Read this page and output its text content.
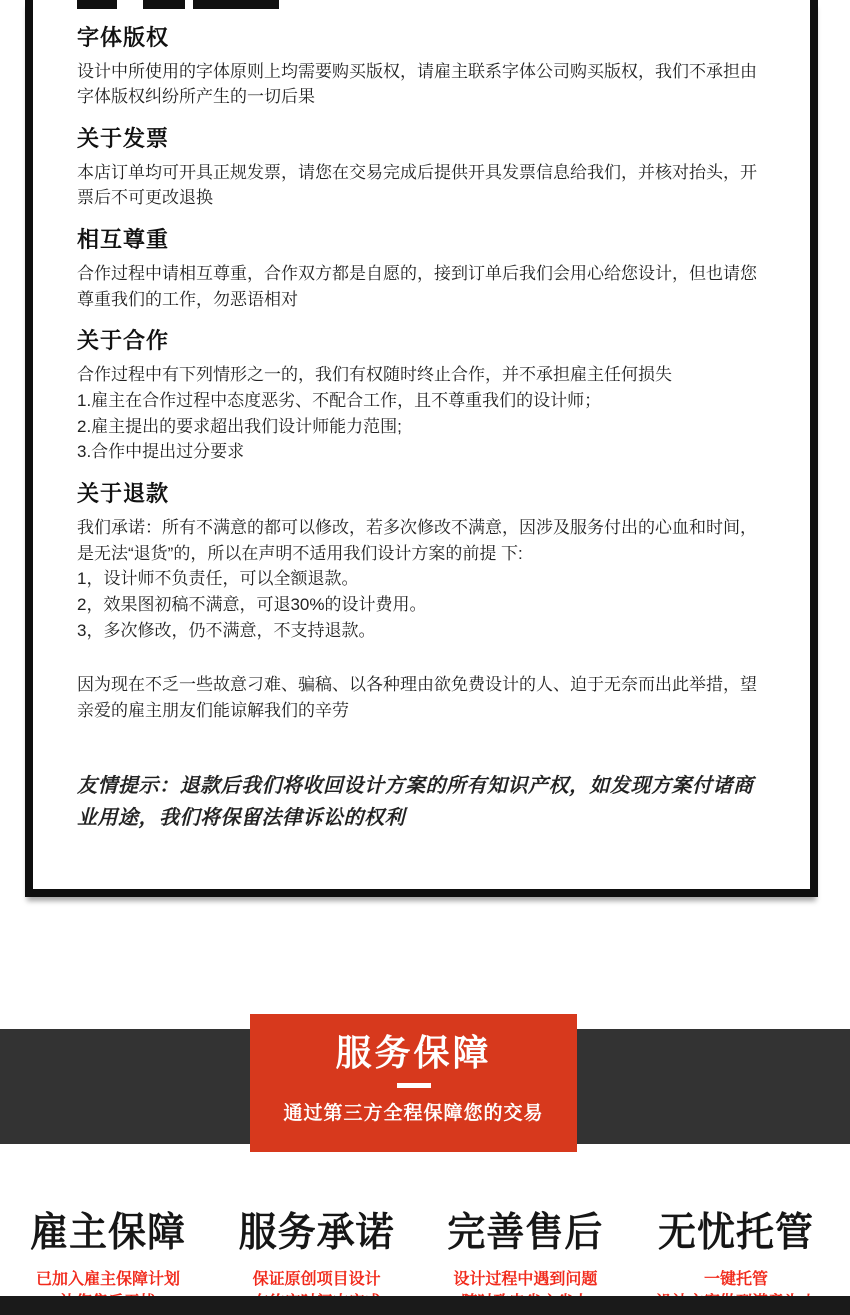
字体版权

设计中所使用的字体原则上均需要购买版权，请雇主联系字体公司购买版权，我们不承担由字体版权纠纷所产生的一切后果

关于发票

本店订单均可开具正规发票，请您在交易完成后提供开具发票信息给我们，并核对抬头，开票后不可更改退换

相互尊重

合作过程中请相互尊重，合作双方都是自愿的，接到订单后我们会用心给您设计，但也请您尊重我们的工作，勿恶语相对

关于合作

合作过程中有下列情形之一的，我们有权随时终止合作，并不承担雇主任何损失

1.雇主在合作过程中态度恶劣、不配合工作，且不尊重我们的设计师；

2.雇主提出的要求超出我们设计师能力范围;

3.合作中提出过分要求

关于退款

我们承诺：所有不满意的都可以修改，若多次修改不满意，因涉及服务付出的心血和时间，是无法“退货”的，所以在声明不适用我们设计方案的前提 下:

1，设计师不负责任，可以全额退款。

2，效果图初稿不满意，可退30%的设计费用。

3，多次修改，仍不满意，不支持退款。

因为现在不乏一些故意刁难、骗稿、以各种理由欲免费设计的人、迫于无奈而出此举措，望亲爱的雇主朋友们能谅解我们的辛劳

友情提示：退款后我们将收回设计方案的所有知识产权，如发现方案付诸商业用途，我们将保留法律诉讼的权利

服务保障
通过第三方全程保障您的交易
雇主保障
已加入雇主保障计划
服务承诺
保证原创项目设计
完善售后
设计过程中遇到问题
无忧托管
一键托管
